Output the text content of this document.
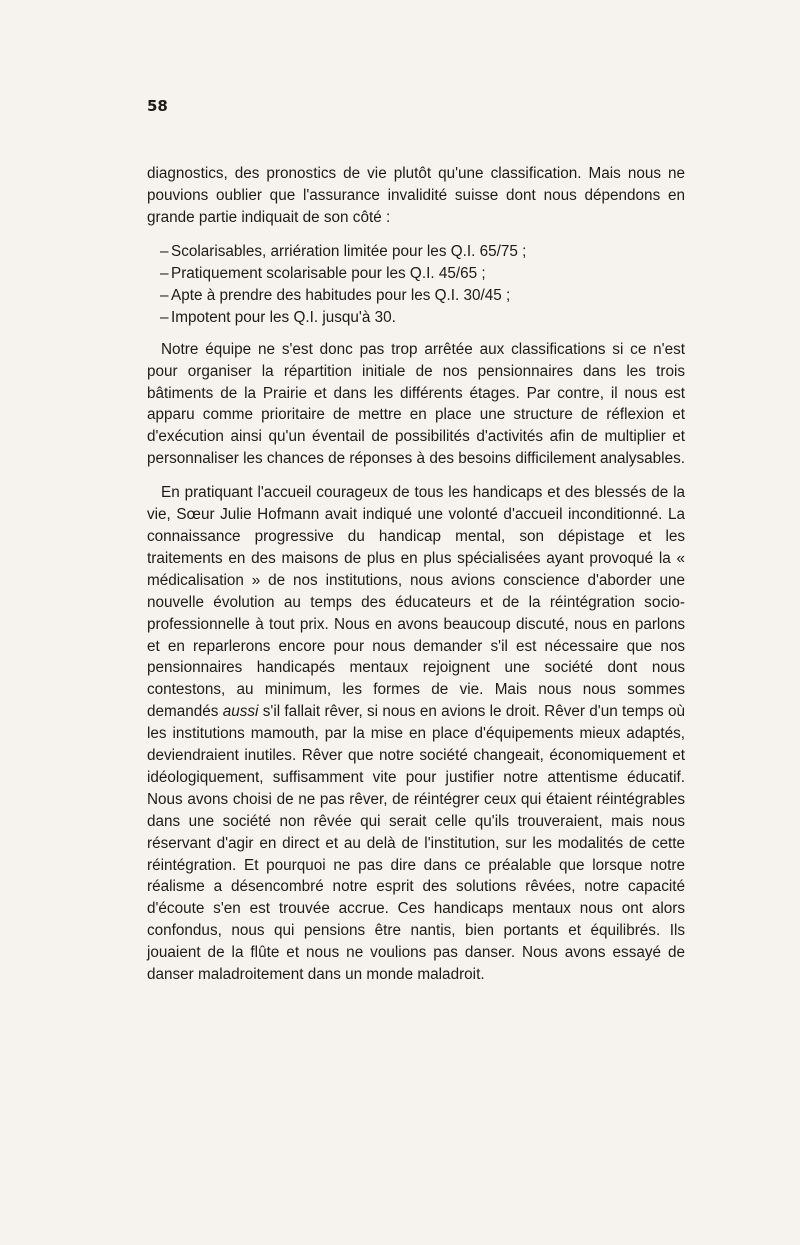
58

diagnostics, des pronostics de vie plutôt qu'une classification. Mais nous ne pouvions oublier que l'assurance invalidité suisse dont nous dépendons en grande partie indiquait de son côté :

– Scolarisables, arriération limitée pour les Q.I. 65/75 ;
– Pratiquement scolarisable pour les Q.I. 45/65 ;
– Apte à prendre des habitudes pour les Q.I. 30/45 ;
– Impotent pour les Q.I. jusqu'à 30.

Notre équipe ne s'est donc pas trop arrêtée aux classifications si ce n'est pour organiser la répartition initiale de nos pensionnaires dans les trois bâtiments de la Prairie et dans les différents étages. Par contre, il nous est apparu comme prioritaire de mettre en place une structure de réflexion et d'exécution ainsi qu'un éventail de possibilités d'activités afin de multiplier et personnaliser les chances de réponses à des besoins difficilement analysables.

En pratiquant l'accueil courageux de tous les handicaps et des blessés de la vie, Sœur Julie Hofmann avait indiqué une volonté d'accueil inconditionné. La connaissance progressive du handicap mental, son dépistage et les traitements en des maisons de plus en plus spécialisées ayant provoqué la « médicalisation » de nos institutions, nous avions conscience d'aborder une nouvelle évolution au temps des éducateurs et de la réintégration socio-professionnelle à tout prix. Nous en avons beaucoup discuté, nous en parlons et en reparlerons encore pour nous demander s'il est nécessaire que nos pensionnaires handicapés mentaux rejoignent une société dont nous contestons, au minimum, les formes de vie. Mais nous nous sommes demandés aussi s'il fallait rêver, si nous en avions le droit. Rêver d'un temps où les institutions mamouth, par la mise en place d'équipements mieux adaptés, deviendraient inutiles. Rêver que notre société changeait, économiquement et idéologiquement, suffisamment vite pour justifier notre attentisme éducatif. Nous avons choisi de ne pas rêver, de réintégrer ceux qui étaient réintégrables dans une société non rêvée qui serait celle qu'ils trouveraient, mais nous réservant d'agir en direct et au delà de l'institution, sur les modalités de cette réintégration. Et pourquoi ne pas dire dans ce préalable que lorsque notre réalisme a désencombré notre esprit des solutions rêvées, notre capacité d'écoute s'en est trouvée accrue. Ces handicaps mentaux nous ont alors confondus, nous qui pensions être nantis, bien portants et équilibrés. Ils jouaient de la flûte et nous ne voulions pas danser. Nous avons essayé de danser maladroitement dans un monde maladroit.
